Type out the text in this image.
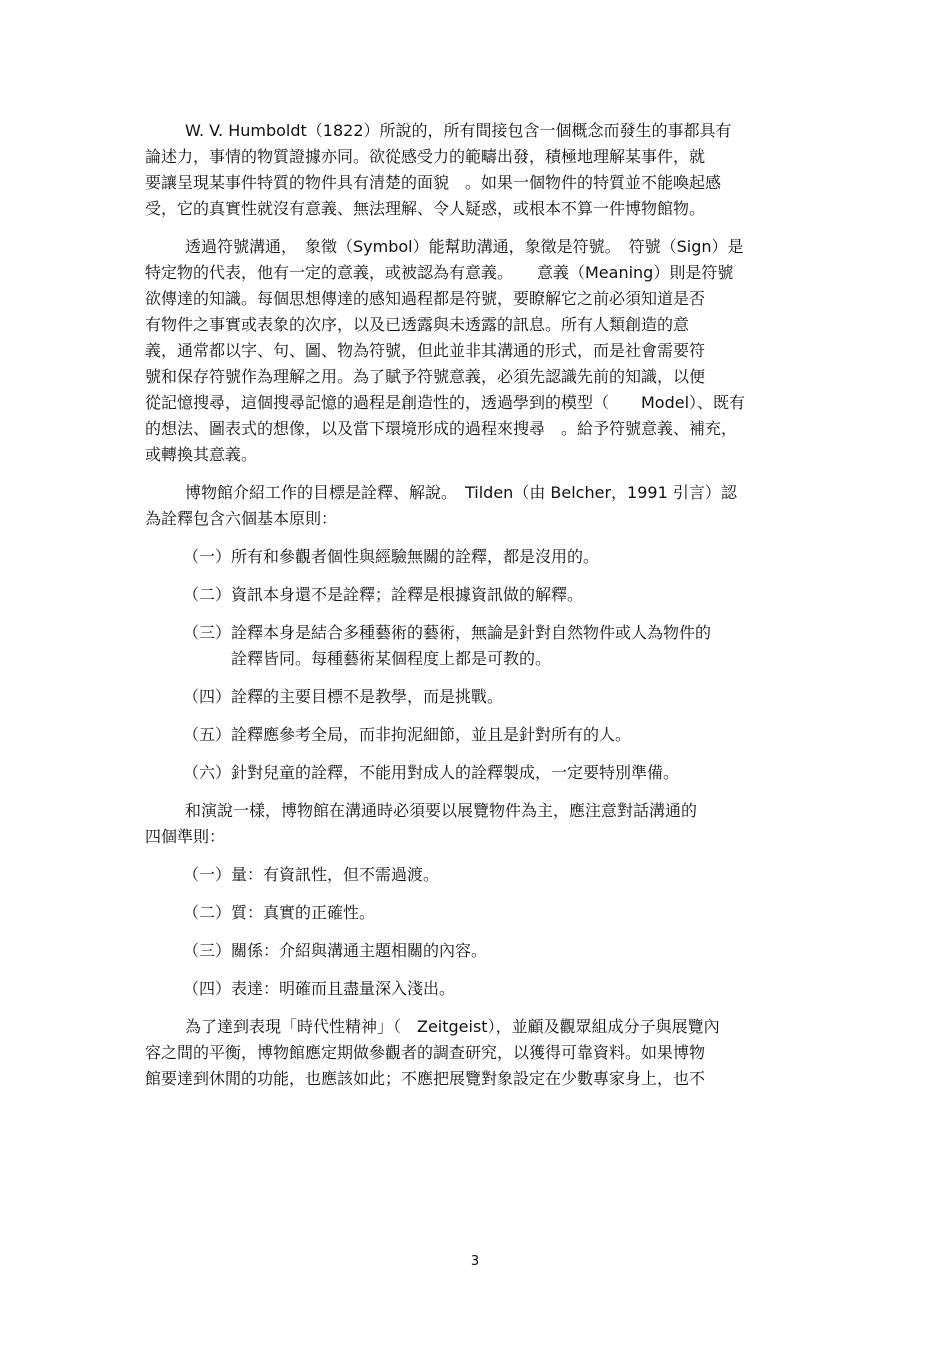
W. V. Humboldt（1822）所說的，所有間接包含一個概念而發生的事都具有
論述力，事情的物質證據亦同。欲從感受力的範疇出發，積極地理解某事件，就
要讓呈現某事件特質的物件具有清楚的面貌　。如果一個物件的特質並不能喚起感
受，它的真實性就沒有意義、無法理解、令人疑惑，或根本不算一件博物館物。

透過符號溝通，　象徵（Symbol）能幫助溝通，象徵是符號。　符號（Sign）是
特定物的代表，他有一定的意義，或被認為有意義。　　意義（Meaning）則是符號
欲傳達的知識。每個思想傳達的感知過程都是符號，要瞭解它之前必須知道是否
有物件之事實或表象的次序，以及已透露與未透露的訊息。所有人類創造的意
義，通常都以字、句、圖、物為符號，但此並非其溝通的形式，而是社會需要符
號和保存符號作為理解之用。為了賦予符號意義，必須先認識先前的知識，以便
從記憶搜尋，這個搜尋記憶的過程是創造性的，透過學到的模型（　　Model）、既有
的想法、圖表式的想像，以及當下環境形成的過程來搜尋　。給予符號意義、補充，
或轉換其意義。

博物館介紹工作的目標是詮釋、解說。　Tilden（由 Belcher，1991 引言）認
為詮釋包含六個基本原則：

（一）所有和參觀者個性與經驗無關的詮釋，都是沒用的。
（二）資訊本身還不是詮釋；詮釋是根據資訊做的解釋。
（三）詮釋本身是結合多種藝術的藝術，無論是針對自然物件或人為物件的
詮釋皆同。每種藝術某個程度上都是可教的。
（四）詮釋的主要目標不是教學，而是挑戰。
（五）詮釋應參考全局，而非拘泥細節，並且是針對所有的人。
（六）針對兒童的詮釋，不能用對成人的詮釋製成，一定要特別準備。

和演說一樣，博物館在溝通時必須要以展覽物件為主，應注意對話溝通的
四個準則：

（一）量：有資訊性，但不需過渡。
（二）質：真實的正確性。
（三）關係：介紹與溝通主題相關的內容。
（四）表達：明確而且盡量深入淺出。

為了達到表現「時代性精神」（　Zeitgeist），並顧及觀眾組成分子與展覽內
容之間的平衡，博物館應定期做參觀者的調查研究，以獲得可靠資料。如果博物
館要達到休閒的功能，也應該如此；不應把展覽對象設定在少數專家身上，也不

3
